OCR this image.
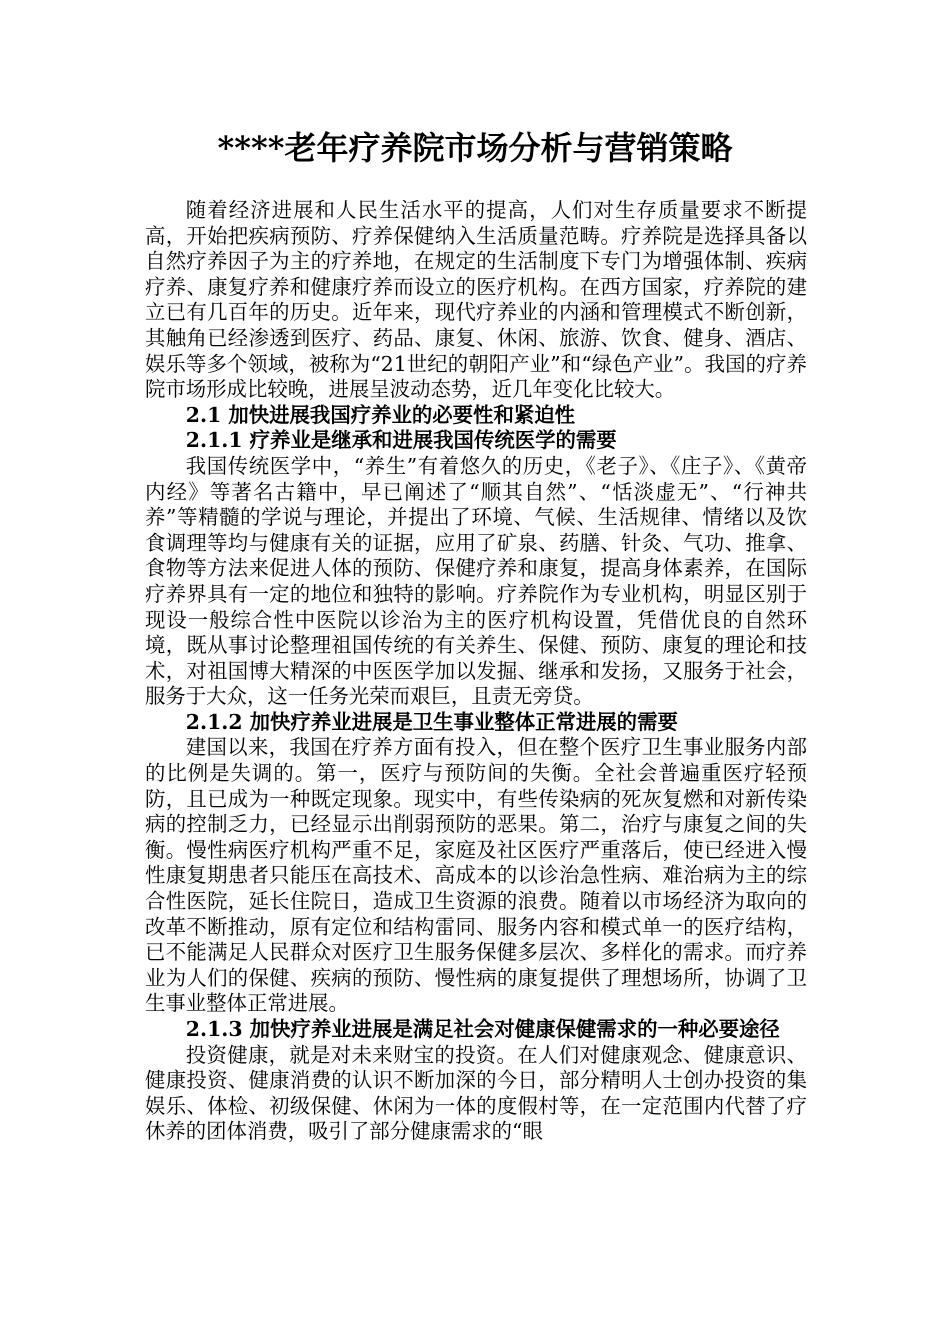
****老年疗养院市场分析与营销策略

随着经济进展和人民生活水平的提高，人们对生存质量要求不断提高，开始把疾病预防、疗养保健纳入生活质量范畴。疗养院是选择具备以自然疗养因子为主的疗养地，在规定的生活制度下专门为增强体制、疾病疗养、康复疗养和健康疗养而设立的医疗机构。在西方国家，疗养院的建立已有几百年的历史。近年来，现代疗养业的内涵和管理模式不断创新，其触角已经渗透到医疗、药品、康复、休闲、旅游、饮食、健身、酒店、娱乐等多个领域，被称为“21世纪的朝阳产业”和“绿色产业”。我国的疗养院市场形成比较晚，进展呈波动态势，近几年变化比较大。

2.1 加快进展我国疗养业的必要性和紧迫性

2.1.1 疗养业是继承和进展我国传统医学的需要

我国传统医学中，“养生”有着悠久的历史，《老子》、《庄子》、《黄帝内经》等著名古籍中，早已阐述了“顺其自然”、“恬淡虚无”、“行神共养”等精髓的学说与理论，并提出了环境、气候、生活规律、情绪以及饮食调理等均与健康有关的证据，应用了矿泉、药膳、针灸、气功、推拿、食物等方法来促进人体的预防、保健疗养和康复，提高身体素养，在国际疗养界具有一定的地位和独特的影响。疗养院作为专业机构，明显区别于现设一般综合性中医院以诊治为主的医疗机构设置，凭借优良的自然环境，既从事讨论整理祖国传统的有关养生、保健、预防、康复的理论和技术，对祖国博大精深的中医医学加以发掘、继承和发扬，又服务于社会，服务于大众，这一任务光荣而艰巨，且责无旁贷。

2.1.2 加快疗养业进展是卫生事业整体正常进展的需要

建国以来，我国在疗养方面有投入，但在整个医疗卫生事业服务内部的比例是失调的。第一，医疗与预防间的失衡。全社会普遍重医疗轻预防，且已成为一种既定现象。现实中，有些传染病的死灰复燃和对新传染病的控制乏力，已经显示出削弱预防的恶果。第二，治疗与康复之间的失衡。慢性病医疗机构严重不足，家庭及社区医疗严重落后，使已经进入慢性康复期患者只能压在高技术、高成本的以诊治急性病、难治病为主的综合性医院，延长住院日，造成卫生资源的浪费。随着以市场经济为取向的改革不断推动，原有定位和结构雷同、服务内容和模式单一的医疗结构，已不能满足人民群众对医疗卫生服务保健多层次、多样化的需求。而疗养业为人们的保健、疾病的预防、慢性病的康复提供了理想场所，协调了卫生事业整体正常进展。

2.1.3 加快疗养业进展是满足社会对健康保健需求的一种必要途径

投资健康，就是对未来财宝的投资。在人们对健康观念、健康意识、健康投资、健康消费的认识不断加深的今日，部分精明人士创办投资的集娱乐、体检、初级保健、休闲为一体的度假村等，在一定范围内代替了疗休养的团体消费，吸引了部分健康需求的“眼
